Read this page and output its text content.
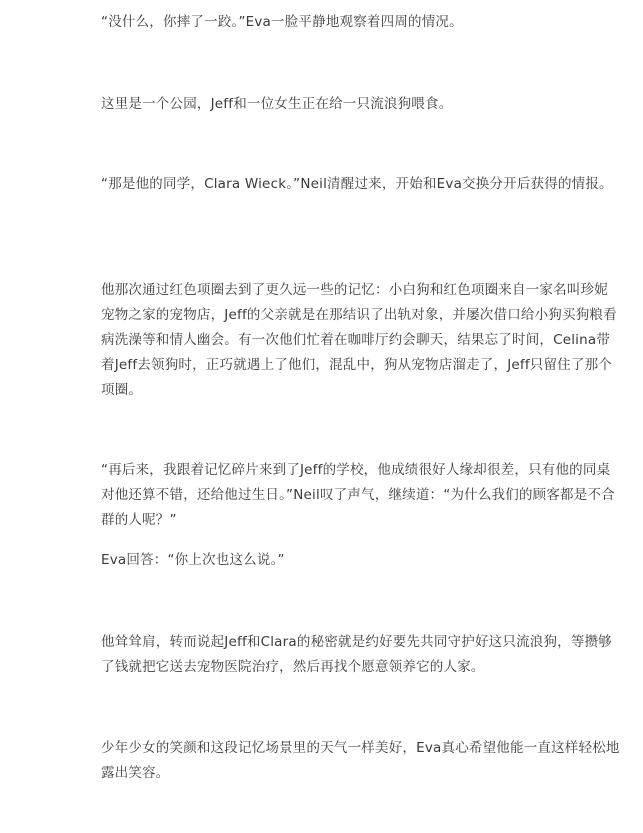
“没什么，你摔了一跤。”Eva一脸平静地观察着四周的情况。

这里是一个公园，Jeff和一位女生正在给一只流浪狗喂食。

“那是他的同学，Clara Wieck。”Neil清醒过来，开始和Eva交换分开后获得的情报。

他那次通过红色项圈去到了更久远一些的记忆：小白狗和红色项圈来自一家名叫珍妮宠物之家的宠物店，Jeff的父亲就是在那结识了出轨对象，并屡次借口给小狗买狗粮看病洗澡等和情人幽会。有一次他们忙着在咖啡厅约会聊天，结果忘了时间，Celina带着Jeff去领狗时，正巧就遇上了他们，混乱中，狗从宠物店溜走了，Jeff只留住了那个项圈。

“再后来，我跟着记忆碎片来到了Jeff的学校，他成绩很好人缘却很差，只有他的同桌对他还算不错，还给他过生日。”Neil叹了声气，继续道：“为什么我们的顾客都是不合群的人呢？”

Eva回答：“你上次也这么说。”

他耸耸肩，转而说起Jeff和Clara的秘密就是约好要先共同守护好这只流浪狗，等攒够了钱就把它送去宠物医院治疗，然后再找个愿意领养它的人家。

少年少女的笑颜和这段记忆场景里的天气一样美好，Eva真心希望他能一直这样轻松地露出笑容。
